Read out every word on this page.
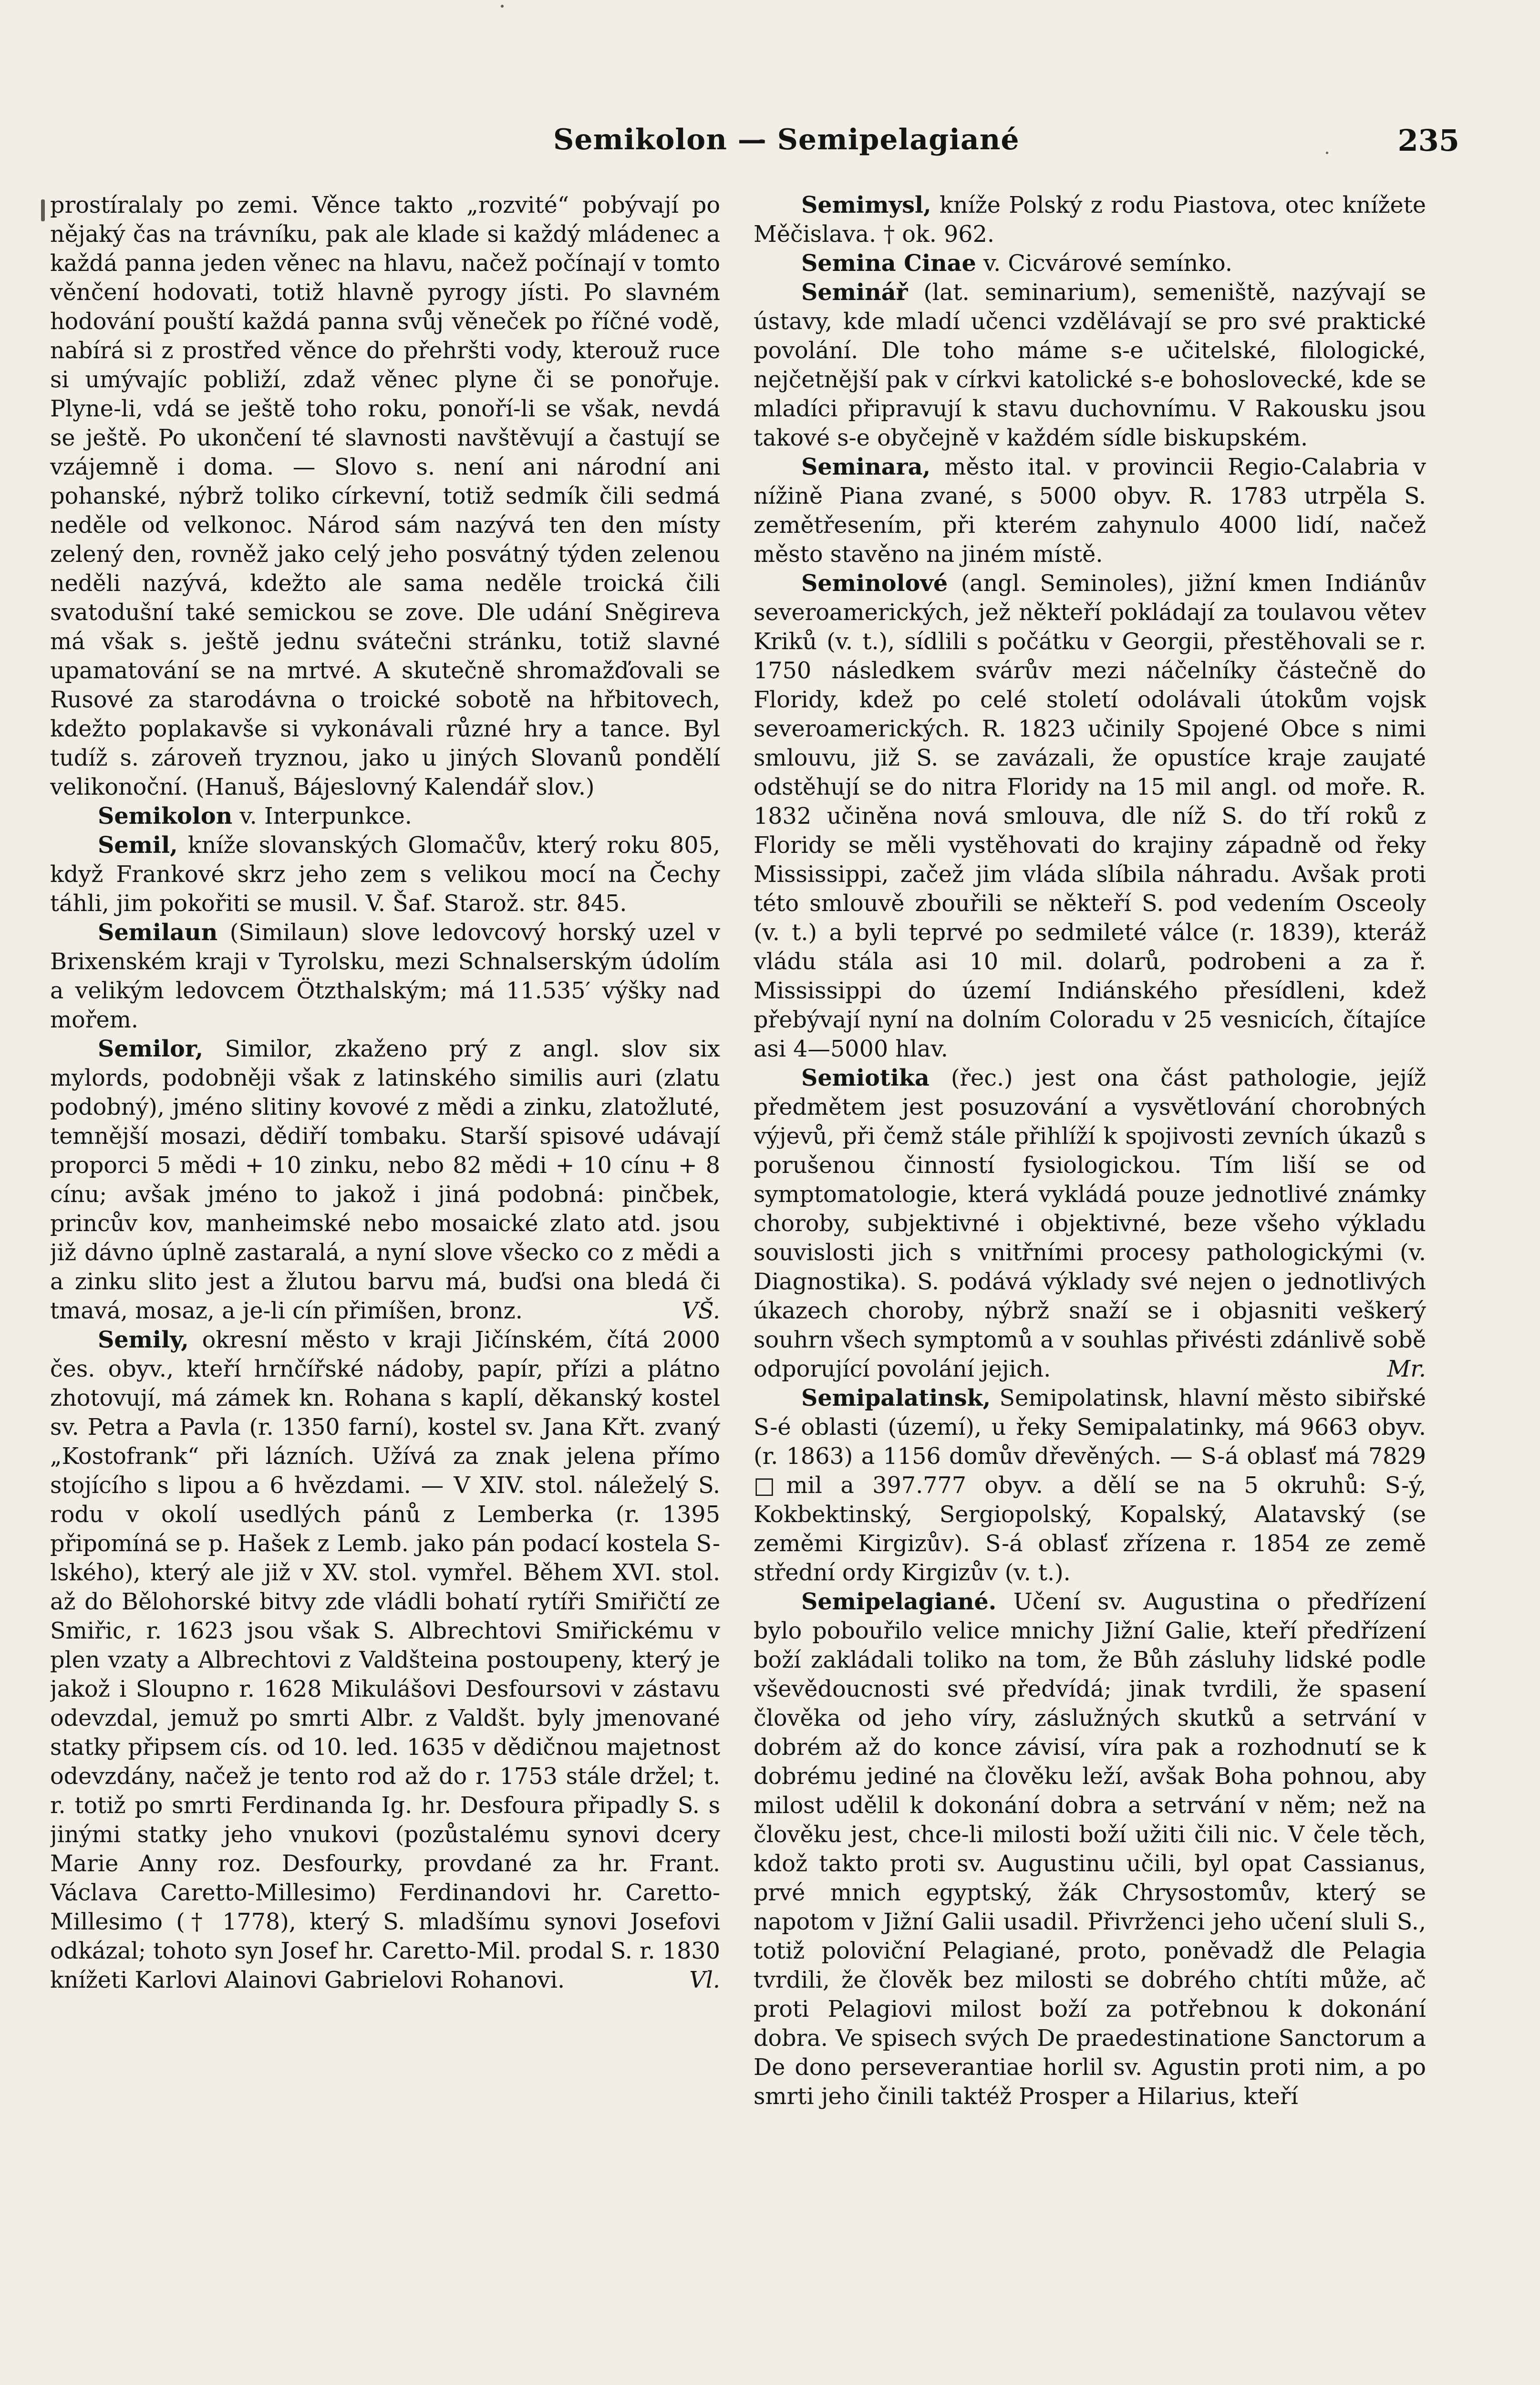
Semikolon — Semipelagiané	235

prostíralaly po zemi. Věnce takto „rozvité“ pobývají po nějaký čas na trávníku, pak ale klade si každý mládenec a každá panna jeden věnec na hlavu, načež počínají v tomto věnčení hodovati, totiž hlavně pyrogy jísti. Po slavném hodování pouští každá panna svůj věneček po říčné vodě, nabírá si z prostřed věnce do přehršti vody, kterouž ruce si umývajíc pobliží, zdaž věnec plyne či se ponořuje. Plyne-li, vdá se ještě toho roku, ponoří-li se však, nevdá se ještě. Po ukončení té slavnosti navštěvují a častují se vzájemně i doma. — Slovo s. není ani národní ani pohanské, nýbrž toliko církevní, totiž sedmík čili sedmá neděle od velkonoc. Národ sám nazývá ten den místy zelený den, rovněž jako celý jeho posvátný týden zelenou neděli nazývá, kdežto ale sama neděle troická čili svatodušní také semickou se zove. Dle udání Sněgireva má však s. ještě jednu svátečni stránku, totiž slavné upamatování se na mrtvé. A skutečně shromažďovali se Rusové za starodávna o troické sobotě na hřbitovech, kdežto poplakavše si vykonávali různé hry a tance. Byl tudíž s. zároveň tryznou, jako u jiných Slovanů pondělí velikonoční. (Hanuš, Bájeslovný Kalendář slov.)

Semikolon v. Interpunkce.

Semil, kníže slovanských Glomačův, který roku 805, když Frankové skrz jeho zem s velikou mocí na Čechy táhli, jim pokořiti se musil. V. Šaf. Starož. str. 845.

Semilaun (Similaun) slove ledovcový horský uzel v Brixenském kraji v Tyrolsku, mezi Schnalserským údolím a velikým ledovcem Ötzthalským; má 11.535′ výšky nad mořem.

Semilor, Similor, zkaženo prý z angl. slov six mylords, podobněji však z latinského similis auri (zlatu podobný), jméno slitiny kovové z mědi a zinku, zlatožluté, temnější mosazi, dědiří tombaku. Starší spisové udávají proporci 5 mědi + 10 zinku, nebo 82 mědi + 10 cínu + 8 cínu; avšak jméno to jakož i jiná podobná: pinčbek, princův kov, manheimské nebo mosaické zlato atd. jsou již dávno úplně zastaralá, a nyní slove všecko co z mědi a a zinku slito jest a žlutou barvu má, buďsi ona bledá či tmavá, mosaz, a je-li cín přimíšen, bronz.	VŠ.

Semily, okresní město v kraji Jičínském, čítá 2000 čes. obyv., kteří hrnčířské nádoby, papír, přízi a plátno zhotovují, má zámek kn. Rohana s kaplí, děkanský kostel sv. Petra a Pavla (r. 1350 farní), kostel sv. Jana Křt. zvaný „Kostofrank“ při lázních. Užívá za znak jelena přímo stojícího s lipou a 6 hvězdami. — V XIV. stol. náleželý S. rodu v okolí usedlých pánů z Lemberka (r. 1395 připomíná se p. Hašek z Lemb. jako pán podací kostela S-lského), který ale již v XV. stol. vymřel. Během XVI. stol. až do Bělohorské bitvy zde vládli bohatí rytíři Smiřičtí ze Smiřic, r. 1623 jsou však S. Albrechtovi Smiřickému v plen vzaty a Albrechtovi z Valdšteina postoupeny, který je jakož i Sloupno r. 1628 Mikulášovi Desfoursovi v zástavu odevzdal, jemuž po smrti Albr. z Valdšt. byly jmenované statky připsem cís. od 10. led. 1635 v dědičnou majetnost odevzdány, načež je tento rod až do r. 1753 stále držel; t. r. totiž po smrti Ferdinanda Ig. hr. Desfoura připadly S. s jinými statky jeho vnukovi (pozůstalému synovi dcery Marie Anny roz. Desfourky, provdané za hr. Frant. Václava Caretto-Millesimo) Ferdinandovi hr. Caretto-Millesimo († 1778), který S. mladšímu synovi Josefovi odkázal; tohoto syn Josef hr. Caretto-Mil. prodal S. r. 1830 knížeti Karlovi Alainovi Gabrielovi Rohanovi.	Vl.

Semimysl, kníže Polský z rodu Piastova, otec knížete Měčislava. † ok. 962.

Semina Cinae v. Cicvárové semínko.

Seminář (lat. seminarium), semeniště, nazývají se ústavy, kde mladí učenci vzdělávají se pro své praktické povolání. Dle toho máme s-e učitelské, filologické, nejčetnější pak v církvi katolické s-e bohoslovecké, kde se mladíci připravují k stavu duchovnímu. V Rakousku jsou takové s-e obyčejně v každém sídle biskupském.

Seminara, město ital. v provincii Regio-Calabria v nížině Piana zvané, s 5000 obyv. R. 1783 utrpěla S. zemětřesením, při kterém zahynulo 4000 lidí, načež město stavěno na jiném místě.

Seminolové (angl. Seminoles), jižní kmen Indiánův severoamerických, jež někteří pokládají za toulavou větev Kriků (v. t.), sídlili s počátku v Georgii, přestěhovali se r. 1750 následkem svárův mezi náčelníky částečně do Floridy, kdež po celé století odolávali útokům vojsk severoamerických. R. 1823 učinily Spojené Obce s nimi smlouvu, již S. se zavázali, že opustíce kraje zaujaté odstěhují se do nitra Floridy na 15 mil angl. od moře. R. 1832 učiněna nová smlouva, dle níž S. do tří roků z Floridy se měli vystěhovati do krajiny západně od řeky Mississippi, začež jim vláda slíbila náhradu. Avšak proti této smlouvě zbouřili se někteří S. pod vedením Osceoly (v. t.) a byli teprvé po sedmileté válce (r. 1839), kteráž vládu stála asi 10 mil. dolarů, podrobeni a za ř. Mississippi do území Indiánského přesídleni, kdež přebývají nyní na dolním Coloradu v 25 vesnicích, čítajíce asi 4—5000 hlav.

Semiotika (řec.) jest ona část pathologie, jejíž předmětem jest posuzování a vysvětlování chorobných výjevů, při čemž stále přihlíží k spojivosti zevních úkazů s porušenou činností fysiologickou. Tím liší se od symptomatologie, která vykládá pouze jednotlivé známky choroby, subjektivné i objektivné, beze všeho výkladu souvislosti jich s vnitřními procesy pathologickými (v. Diagnostika). S. podává výklady své nejen o jednotlivých úkazech choroby, nýbrž snaží se i objasniti veškerý souhrn všech symptomů a v souhlas přivésti zdánlivě sobě odporující povolání jejich.	Mr.

Semipalatinsk, Semipolatinsk, hlavní město sibiřské S-é oblasti (území), u řeky Semipalatinky, má 9663 obyv. (r. 1863) a 1156 domův dřevěných. — S-á oblasť má 7829 □mil a 397.777 obyv. a dělí se na 5 okruhů: S-ý, Kokbektinský, Sergiopolský, Kopalský, Alatavský (se zeměmi Kirgizův). S-á oblasť zřízena r. 1854 ze země střední ordy Kirgizův (v. t.).

Semipelagiané. Učení sv. Augustina o předřízení bylo pobouřilo velice mnichy Jižní Galie, kteří předřízení boží zakládali toliko na tom, že Bůh zásluhy lidské podle vševědoucnosti své předvídá; jinak tvrdili, že spasení člověka od jeho víry, záslužných skutků a setrvání v dobrém až do konce závisí, víra pak a rozhodnutí se k dobrému jediné na člověku leží, avšak Boha pohnou, aby milost udělil k dokonání dobra a setrvání v něm; než na člověku jest, chce-li milosti boží užiti čili nic. V čele těch, kdož takto proti sv. Augustinu učili, byl opat Cassianus, prvé mnich egyptský, žák Chrysostomův, který se napotom v Jižní Galii usadil. Přivrženci jeho učení sluli S., totiž poloviční Pelagiané, proto, poněvadž dle Pelagia tvrdili, že člověk bez milosti se dobrého chtíti může, ač proti Pelagiovi milost boží za potřebnou k dokonání dobra. Ve spisech svých De praedestinatione Sanctorum a De dono perseverantiae horlil sv. Agustin proti nim, a po smrti jeho činili taktéž Prosper a Hilarius, kteří
